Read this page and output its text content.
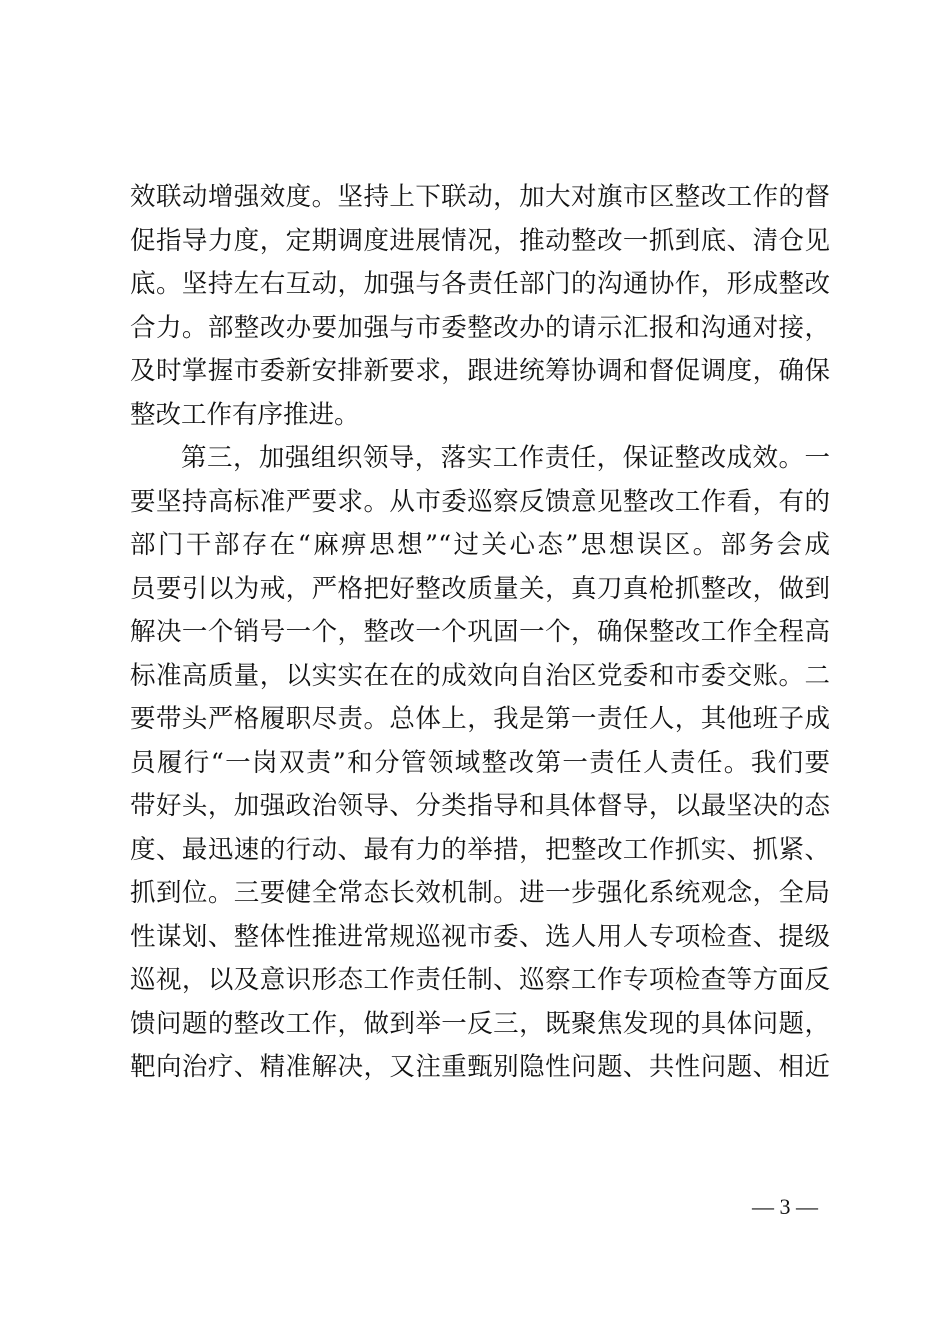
效联动增强效度。坚持上下联动，加大对旗市区整改工作的督
促指导力度，定期调度进展情况，推动整改一抓到底、清仓见
底。坚持左右互动，加强与各责任部门的沟通协作，形成整改
合力。部整改办要加强与市委整改办的请示汇报和沟通对接，
及时掌握市委新安排新要求，跟进统筹协调和督促调度，确保
整改工作有序推进。
第三，加强组织领导，落实工作责任，保证整改成效。一
要坚持高标准严要求。从市委巡察反馈意见整改工作看，有的
部门干部存在“麻痹思想”“过关心态”思想误区。部务会成
员要引以为戒，严格把好整改质量关，真刀真枪抓整改，做到
解决一个销号一个，整改一个巩固一个，确保整改工作全程高
标准高质量，以实实在在的成效向自治区党委和市委交账。二
要带头严格履职尽责。总体上，我是第一责任人，其他班子成
员履行“一岗双责”和分管领域整改第一责任人责任。我们要
带好头，加强政治领导、分类指导和具体督导，以最坚决的态
度、最迅速的行动、最有力的举措，把整改工作抓实、抓紧、
抓到位。三要健全常态长效机制。进一步强化系统观念，全局
性谋划、整体性推进常规巡视市委、选人用人专项检查、提级
巡视，以及意识形态工作责任制、巡察工作专项检查等方面反
馈问题的整改工作，做到举一反三，既聚焦发现的具体问题，
靶向治疗、精准解决，又注重甄别隐性问题、共性问题、相近
— 3 —
